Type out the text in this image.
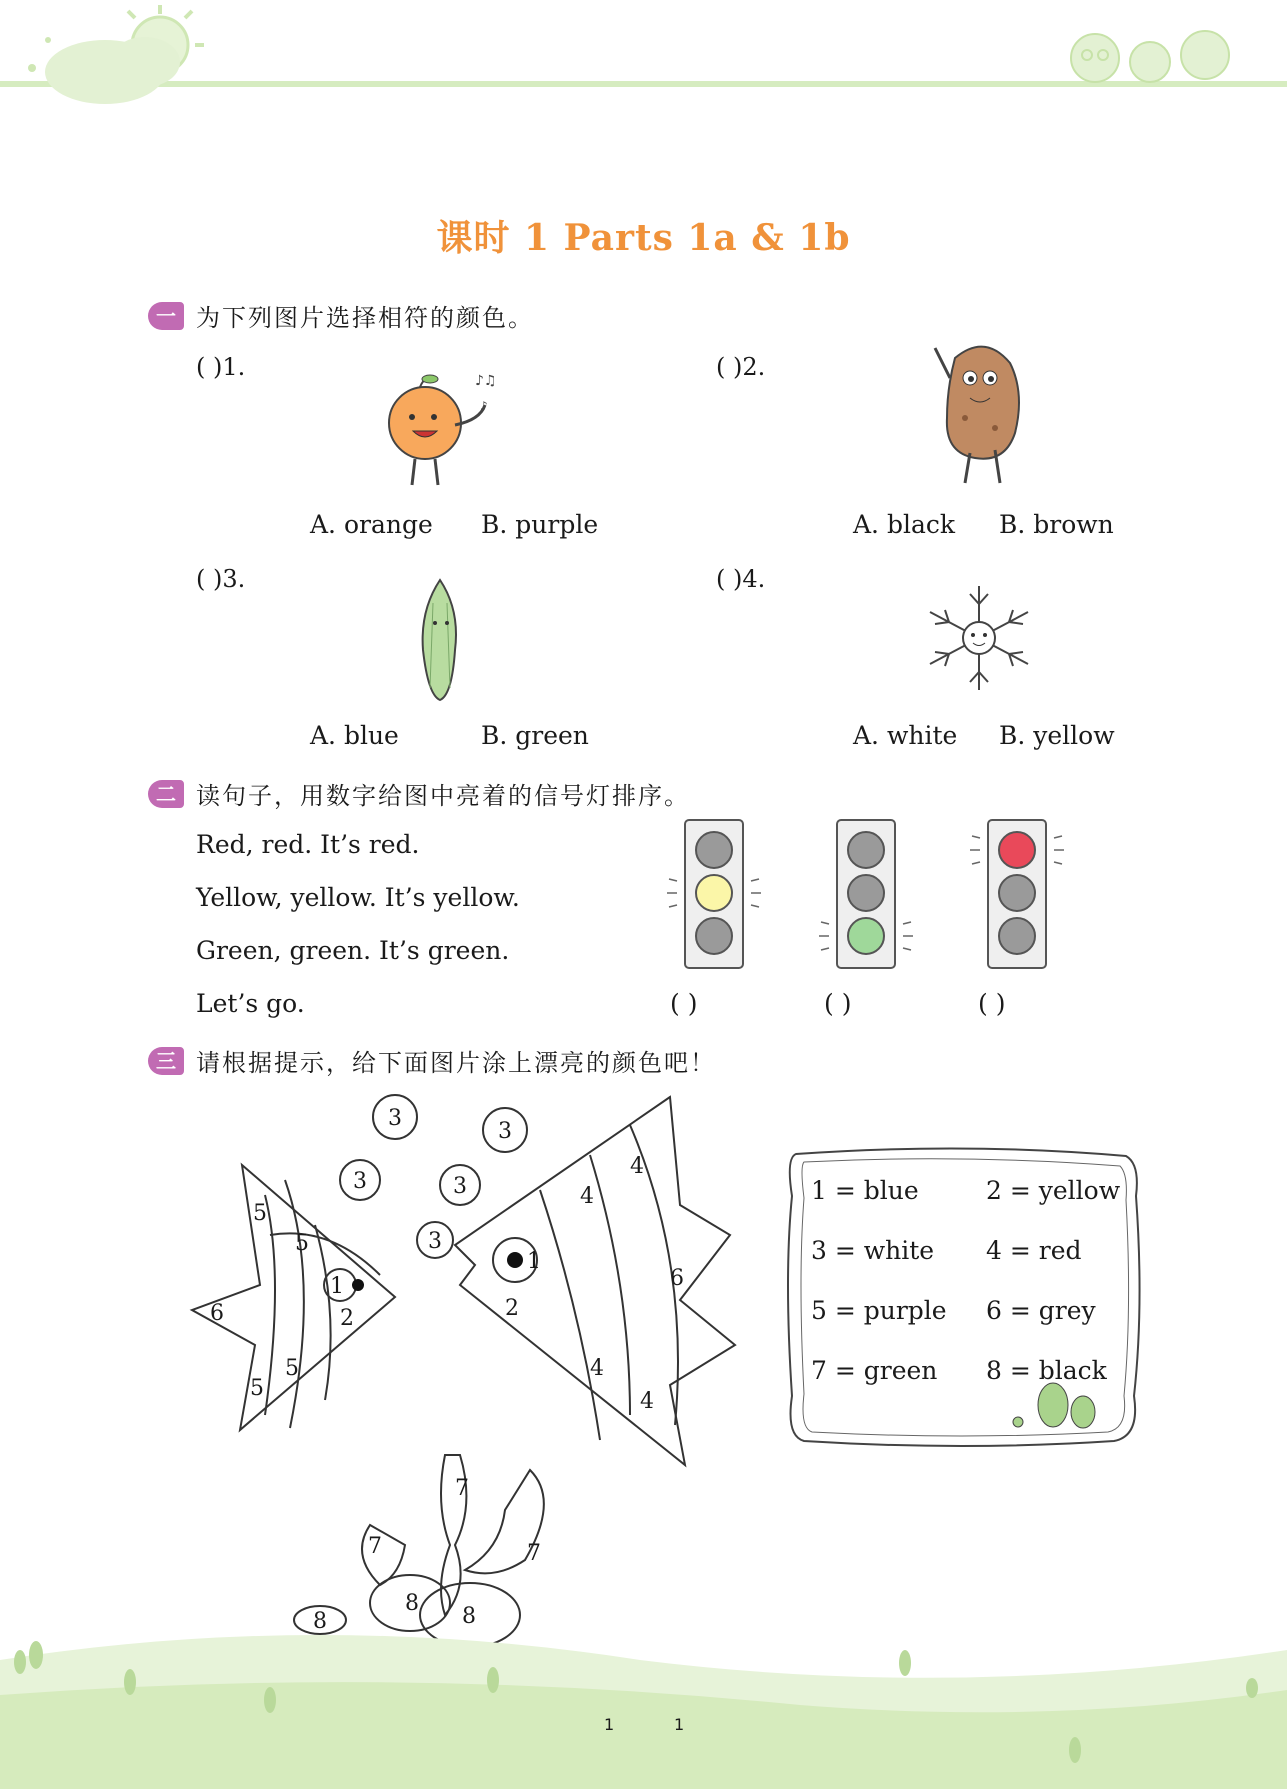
课时 1 Parts 1a & 1b
一 为下列图片选择相符的颜色。
( )1.	♪♫
♪
A. orange B. purple
( )2.
A. black B. brown
( )3.
A. blue	B. green
( )4.
A. white B. yellow
二 读句子，用数字给图中亮着的信号灯排序。
Red, red. It’s red.
Yellow, yellow. It’s yellow.
Green, green. It’s green.
Let’s go.	( )	( )	( )
三 请根据提示，给下面图片涂上漂亮的颜色吧！
3
3
3	3
3
5
5
6
1
2
5
5
4
4
1
2
6
4
4
7
7	7
8
8
8
1 = blue	2 = yellow
3 = white 4 = red
5 = purple 6 = grey
7 = green 8 = black
1	1
